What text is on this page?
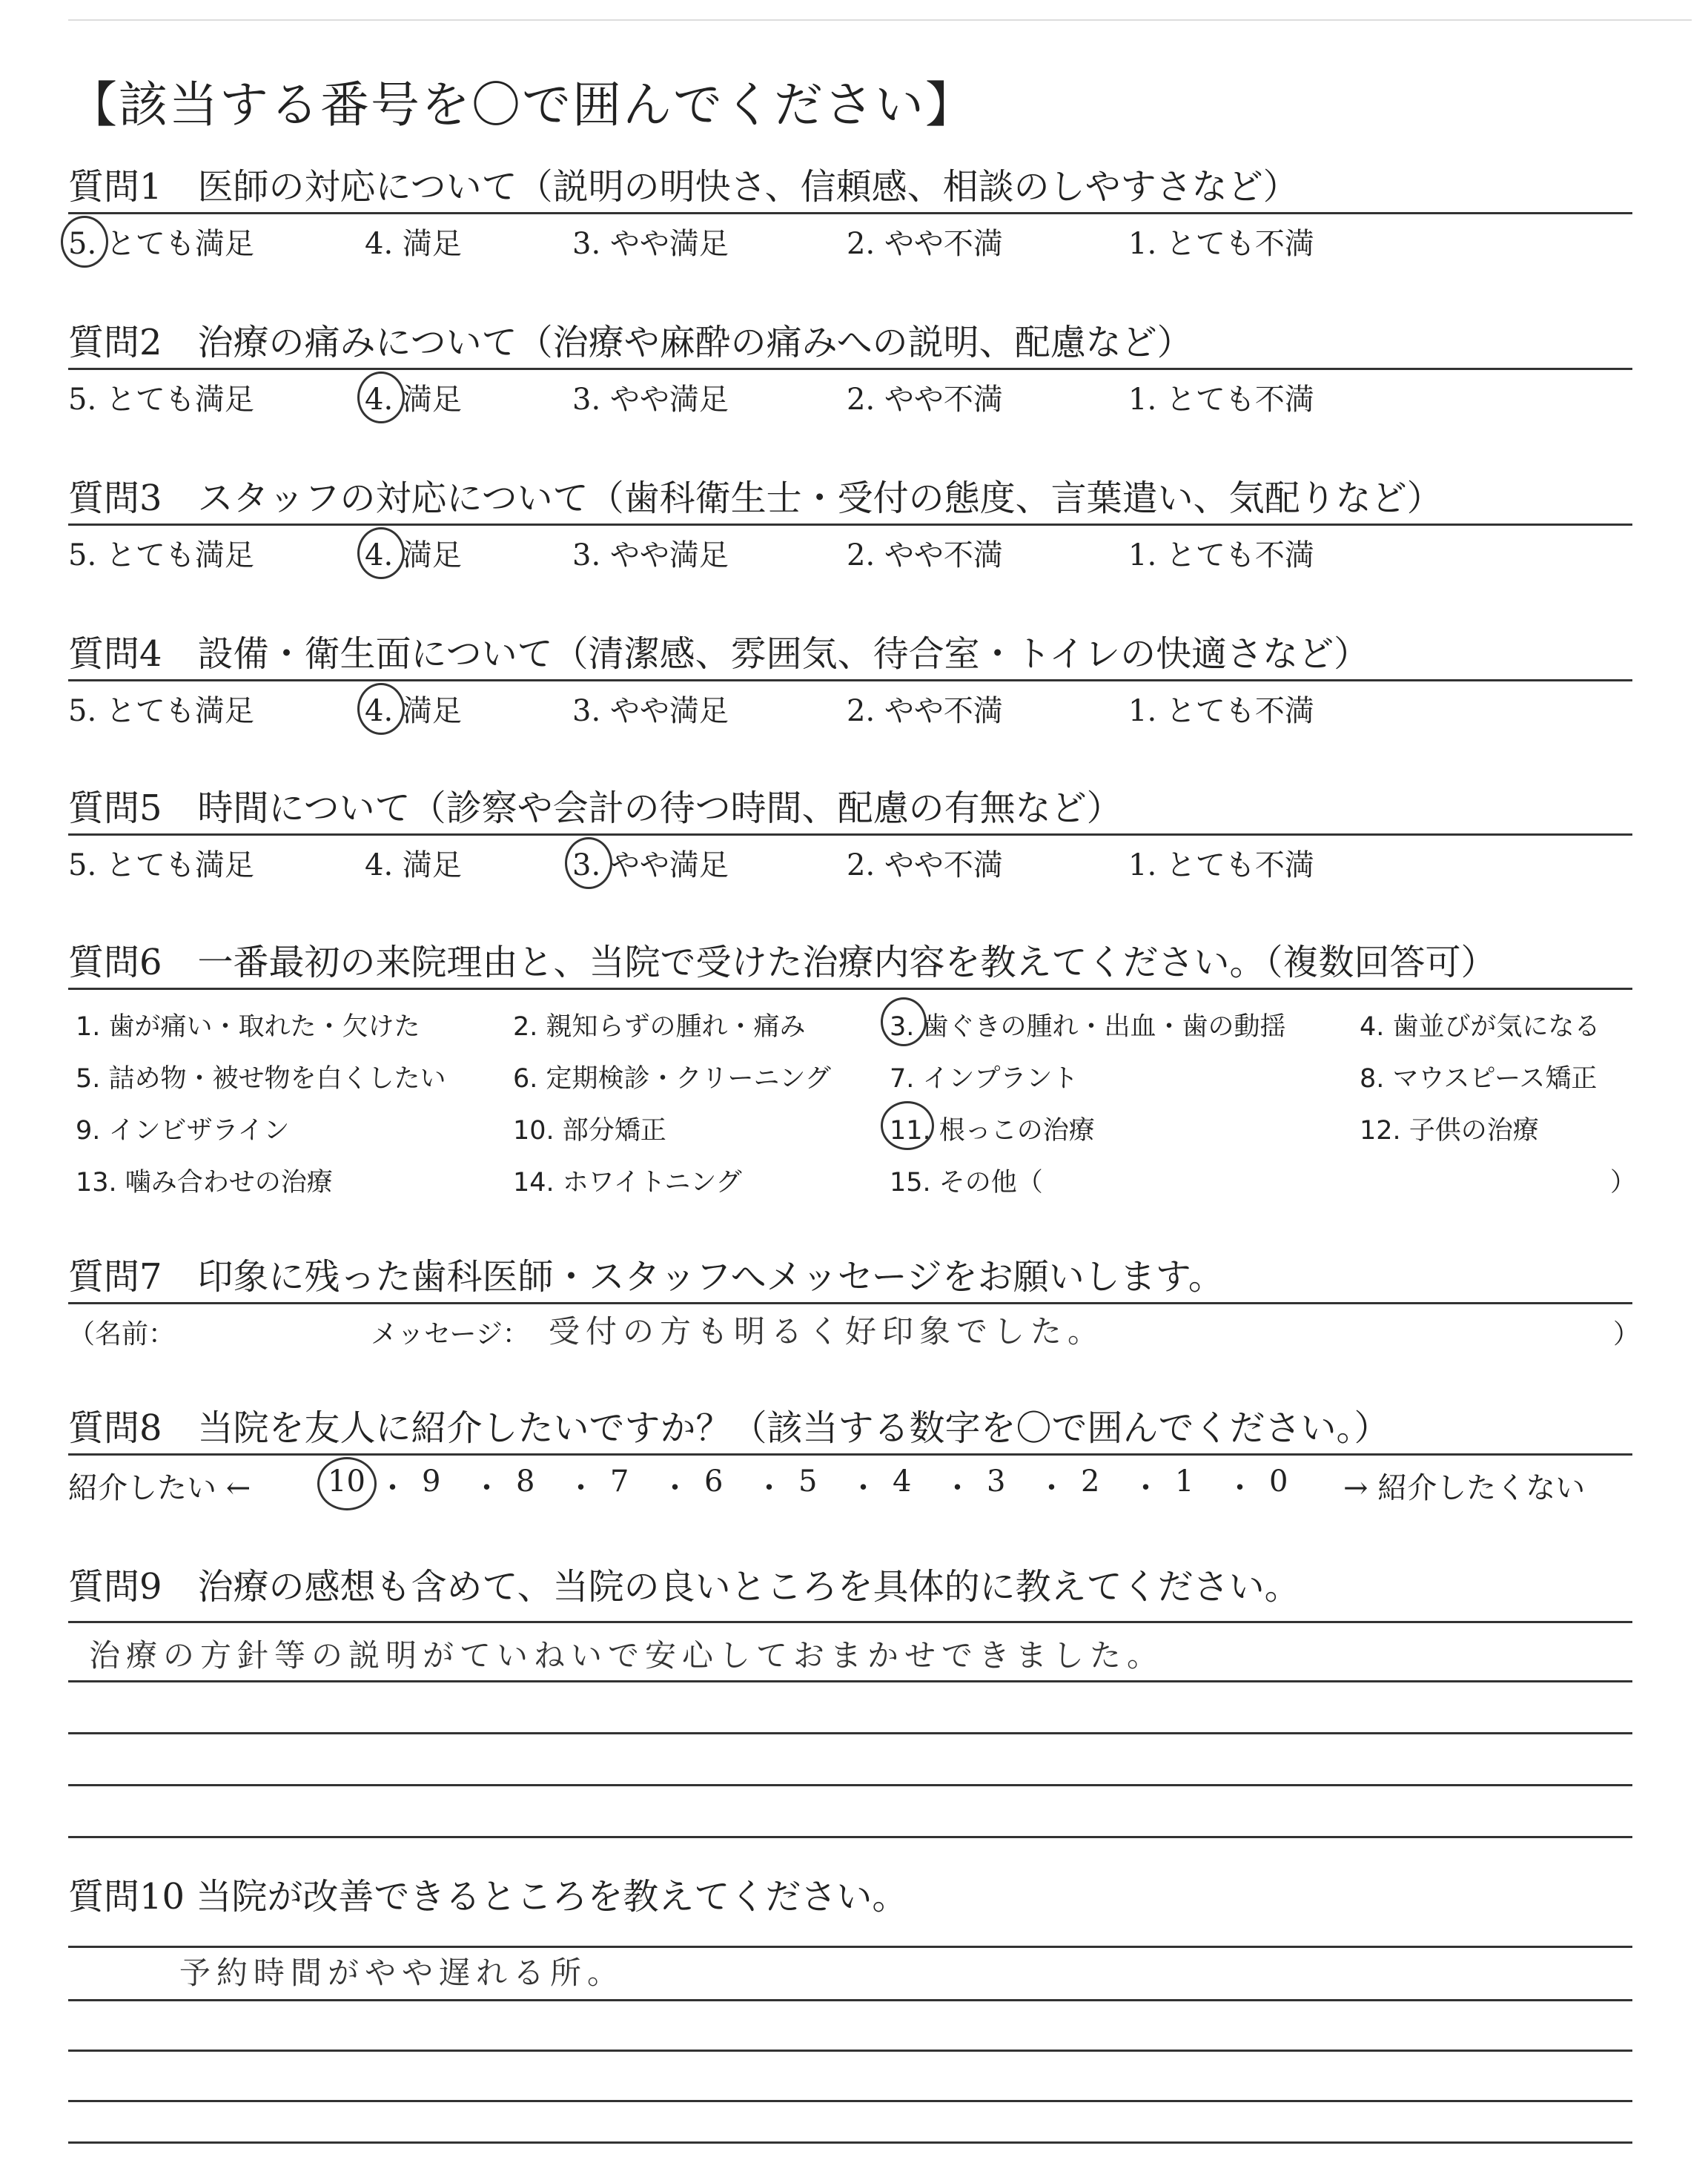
【該当する番号を〇で囲んでください】
質問1　医師の対応について（説明の明快さ、信頼感、相談のしやすさなど）
5. とても満足	4. 満足	3. やや満足	2. やや不満	1. とても不満
質問2　治療の痛みについて（治療や麻酔の痛みへの説明、配慮など）
5. とても満足	4. 満足	3. やや満足	2. やや不満	1. とても不満
質問3　スタッフの対応について（歯科衛生士・受付の態度、言葉遣い、気配りなど）
5. とても満足	4. 満足	3. やや満足	2. やや不満	1. とても不満
質問4　設備・衛生面について（清潔感、雰囲気、待合室・トイレの快適さなど）
5. とても満足	4. 満足	3. やや満足	2. やや不満	1. とても不満
質問5　時間について（診察や会計の待つ時間、配慮の有無など）
5. とても満足	4. 満足	3. やや満足	2. やや不満	1. とても不満
質問6　一番最初の来院理由と、当院で受けた治療内容を教えてください。（複数回答可）
1. 歯が痛い・取れた・欠けた	2. 親知らずの腫れ・痛み	3. 歯ぐきの腫れ・出血・歯の動揺	4. 歯並びが気になる
5. 詰め物・被せ物を白くしたい	6. 定期検診・クリーニング 7. インプラント	8. マウスピース矯正
9. インビザライン	10. 部分矯正	11. 根っこの治療	12. 子供の治療
13. 噛み合わせの治療	14. ホワイトニング	15. その他（	）
質問7　印象に残った歯科医師・スタッフへメッセージをお願いします。
（名前：	メッセージ： 受付の方も明るく好印象でした。	）
質問8　当院を友人に紹介したいですか？（該当する数字を〇で囲んでください。）
紹介したい ←	→ 紹介したくない
10 ・ 9 ・ 8 ・ 7 ・ 6 ・ 5 ・ 4 ・ 3 ・ 2 ・ 1 ・ 0
質問9　治療の感想も含めて、当院の良いところを具体的に教えてください。
治療の方針等の説明がていねいで安心しておまかせできました。
質問10 当院が改善できるところを教えてください。
予約時間がやや遅れる所。
